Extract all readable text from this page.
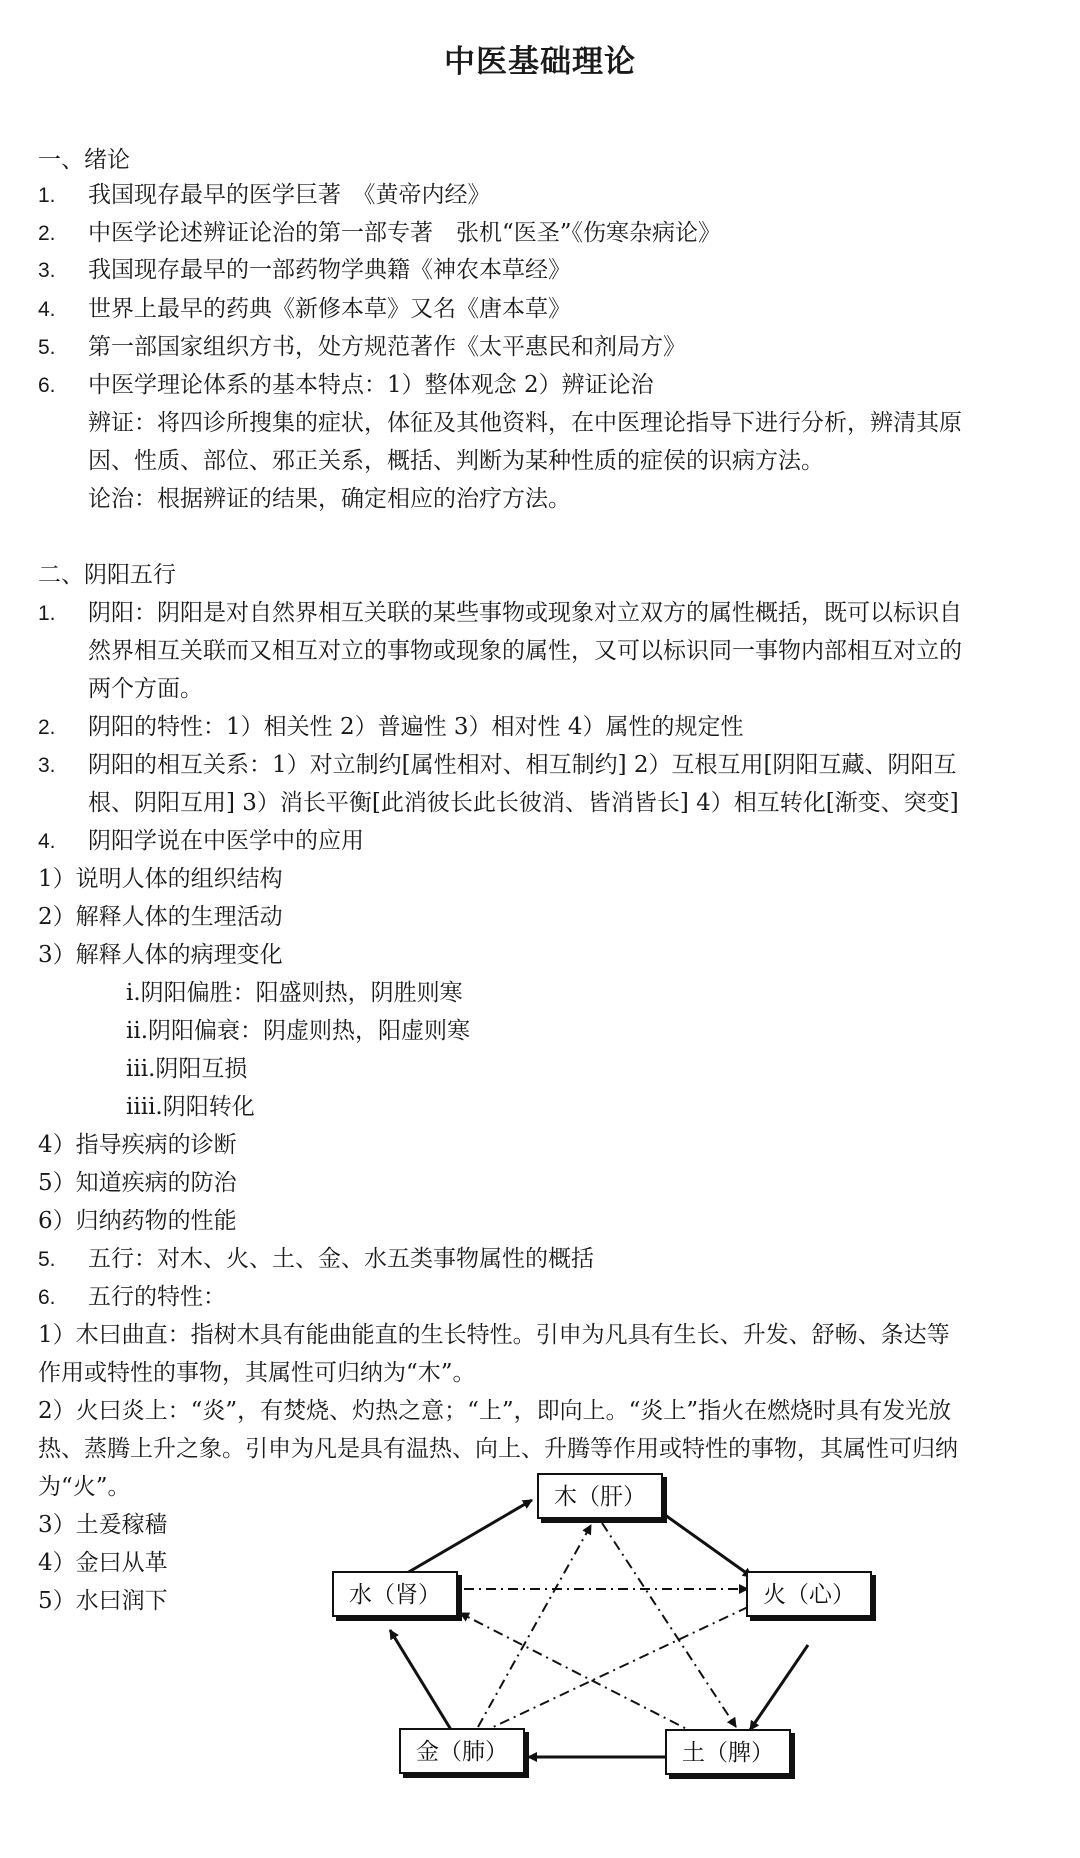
中医基础理论
一、绪论
1. 我国现存最早的医学巨著　《黄帝内经》
2. 中医学论述辨证论治的第一部专著　张机“医圣”《伤寒杂病论》
3. 我国现存最早的一部药物学典籍《神农本草经》
4. 世界上最早的药典《新修本草》又名《唐本草》
5. 第一部国家组织方书，处方规范著作《太平惠民和剂局方》
6. 中医学理论体系的基本特点：1）整体观念 2）辨证论治
辨证：将四诊所搜集的症状，体征及其他资料，在中医理论指导下进行分析，辨清其原
因、性质、部位、邪正关系，概括、判断为某种性质的症侯的识病方法。
论治：根据辨证的结果，确定相应的治疗方法。
二、阴阳五行
1. 阴阳：阴阳是对自然界相互关联的某些事物或现象对立双方的属性概括，既可以标识自
然界相互关联而又相互对立的事物或现象的属性，又可以标识同一事物内部相互对立的
两个方面。
2. 阴阳的特性：1）相关性 2）普遍性 3）相对性 4）属性的规定性
3. 阴阳的相互关系：1）对立制约[属性相对、相互制约] 2）互根互用[阴阳互藏、阴阳互
根、阴阳互用] 3）消长平衡[此消彼长此长彼消、皆消皆长] 4）相互转化[渐变、突变]
4. 阴阳学说在中医学中的应用
1）说明人体的组织结构
2）解释人体的生理活动
3）解释人体的病理变化
i.阴阳偏胜：阳盛则热，阴胜则寒
ii.阴阳偏衰：阴虚则热，阳虚则寒
iii.阴阳互损
iiii.阴阳转化
4）指导疾病的诊断
5）知道疾病的防治
6）归纳药物的性能
5. 五行：对木、火、土、金、水五类事物属性的概括
6. 五行的特性：
1）木曰曲直：指树木具有能曲能直的生长特性。引申为凡具有生长、升发、舒畅、条达等
作用或特性的事物，其属性可归纳为“木”。
2）火曰炎上：“炎”，有焚烧、灼热之意；“上”，即向上。“炎上”指火在燃烧时具有发光放
热、蒸腾上升之象。引申为凡是具有温热、向上、升腾等作用或特性的事物，其属性可归纳
为“火”。
3）土爰稼穑
4）金曰从革
5）水曰润下
木（肝）
火（心）
土（脾）
金（肺）
水（肾）
